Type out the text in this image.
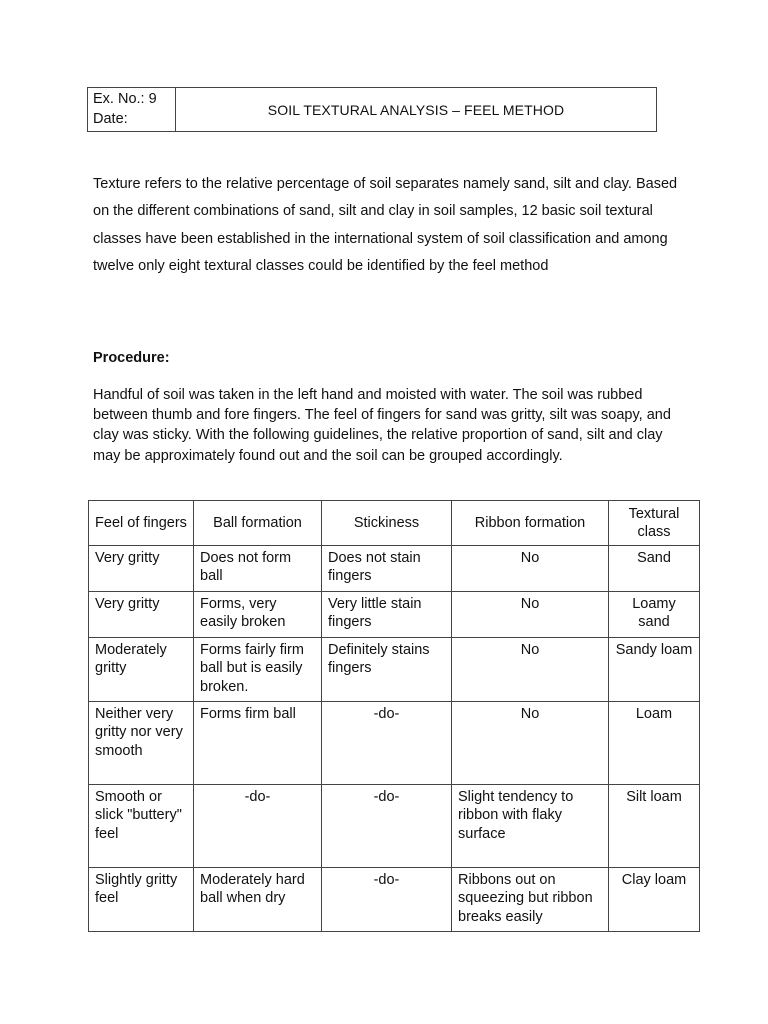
Ex. No.: 9
Date:
SOIL TEXTURAL ANALYSIS – FEEL METHOD
Texture refers to the relative percentage of soil separates namely sand, silt and clay. Based on the different combinations of sand, silt and clay in soil samples, 12 basic soil textural classes have been established in the international system of soil classification and among twelve only eight textural classes could be identified by the feel method
Procedure:
Handful of soil was taken in the left hand and moisted with water. The soil was rubbed between thumb and fore fingers. The feel of fingers for sand was gritty, silt was soapy, and clay was sticky. With the following guidelines, the relative proportion of sand, silt and clay may be approximately found out and the soil can be grouped accordingly.
Feel of fingers	Ball formation	Stickiness	Ribbon formation	Textural class
Very gritty	Does not form ball	Does not stain fingers	No	Sand
Very gritty	Forms, very easily broken	Very little stain fingers	No	Loamy sand
Moderately gritty	Forms fairly firm ball but is easily broken.	Definitely stains fingers	No	Sandy loam
Neither very gritty nor very smooth	Forms firm ball	-do-	No	Loam
Smooth or slick "buttery" feel	-do-	-do-	Slight tendency to ribbon with flaky surface	Silt loam
Slightly gritty feel	Moderately hard ball when dry	-do-	Ribbons out on squeezing but ribbon breaks easily	Clay loam
